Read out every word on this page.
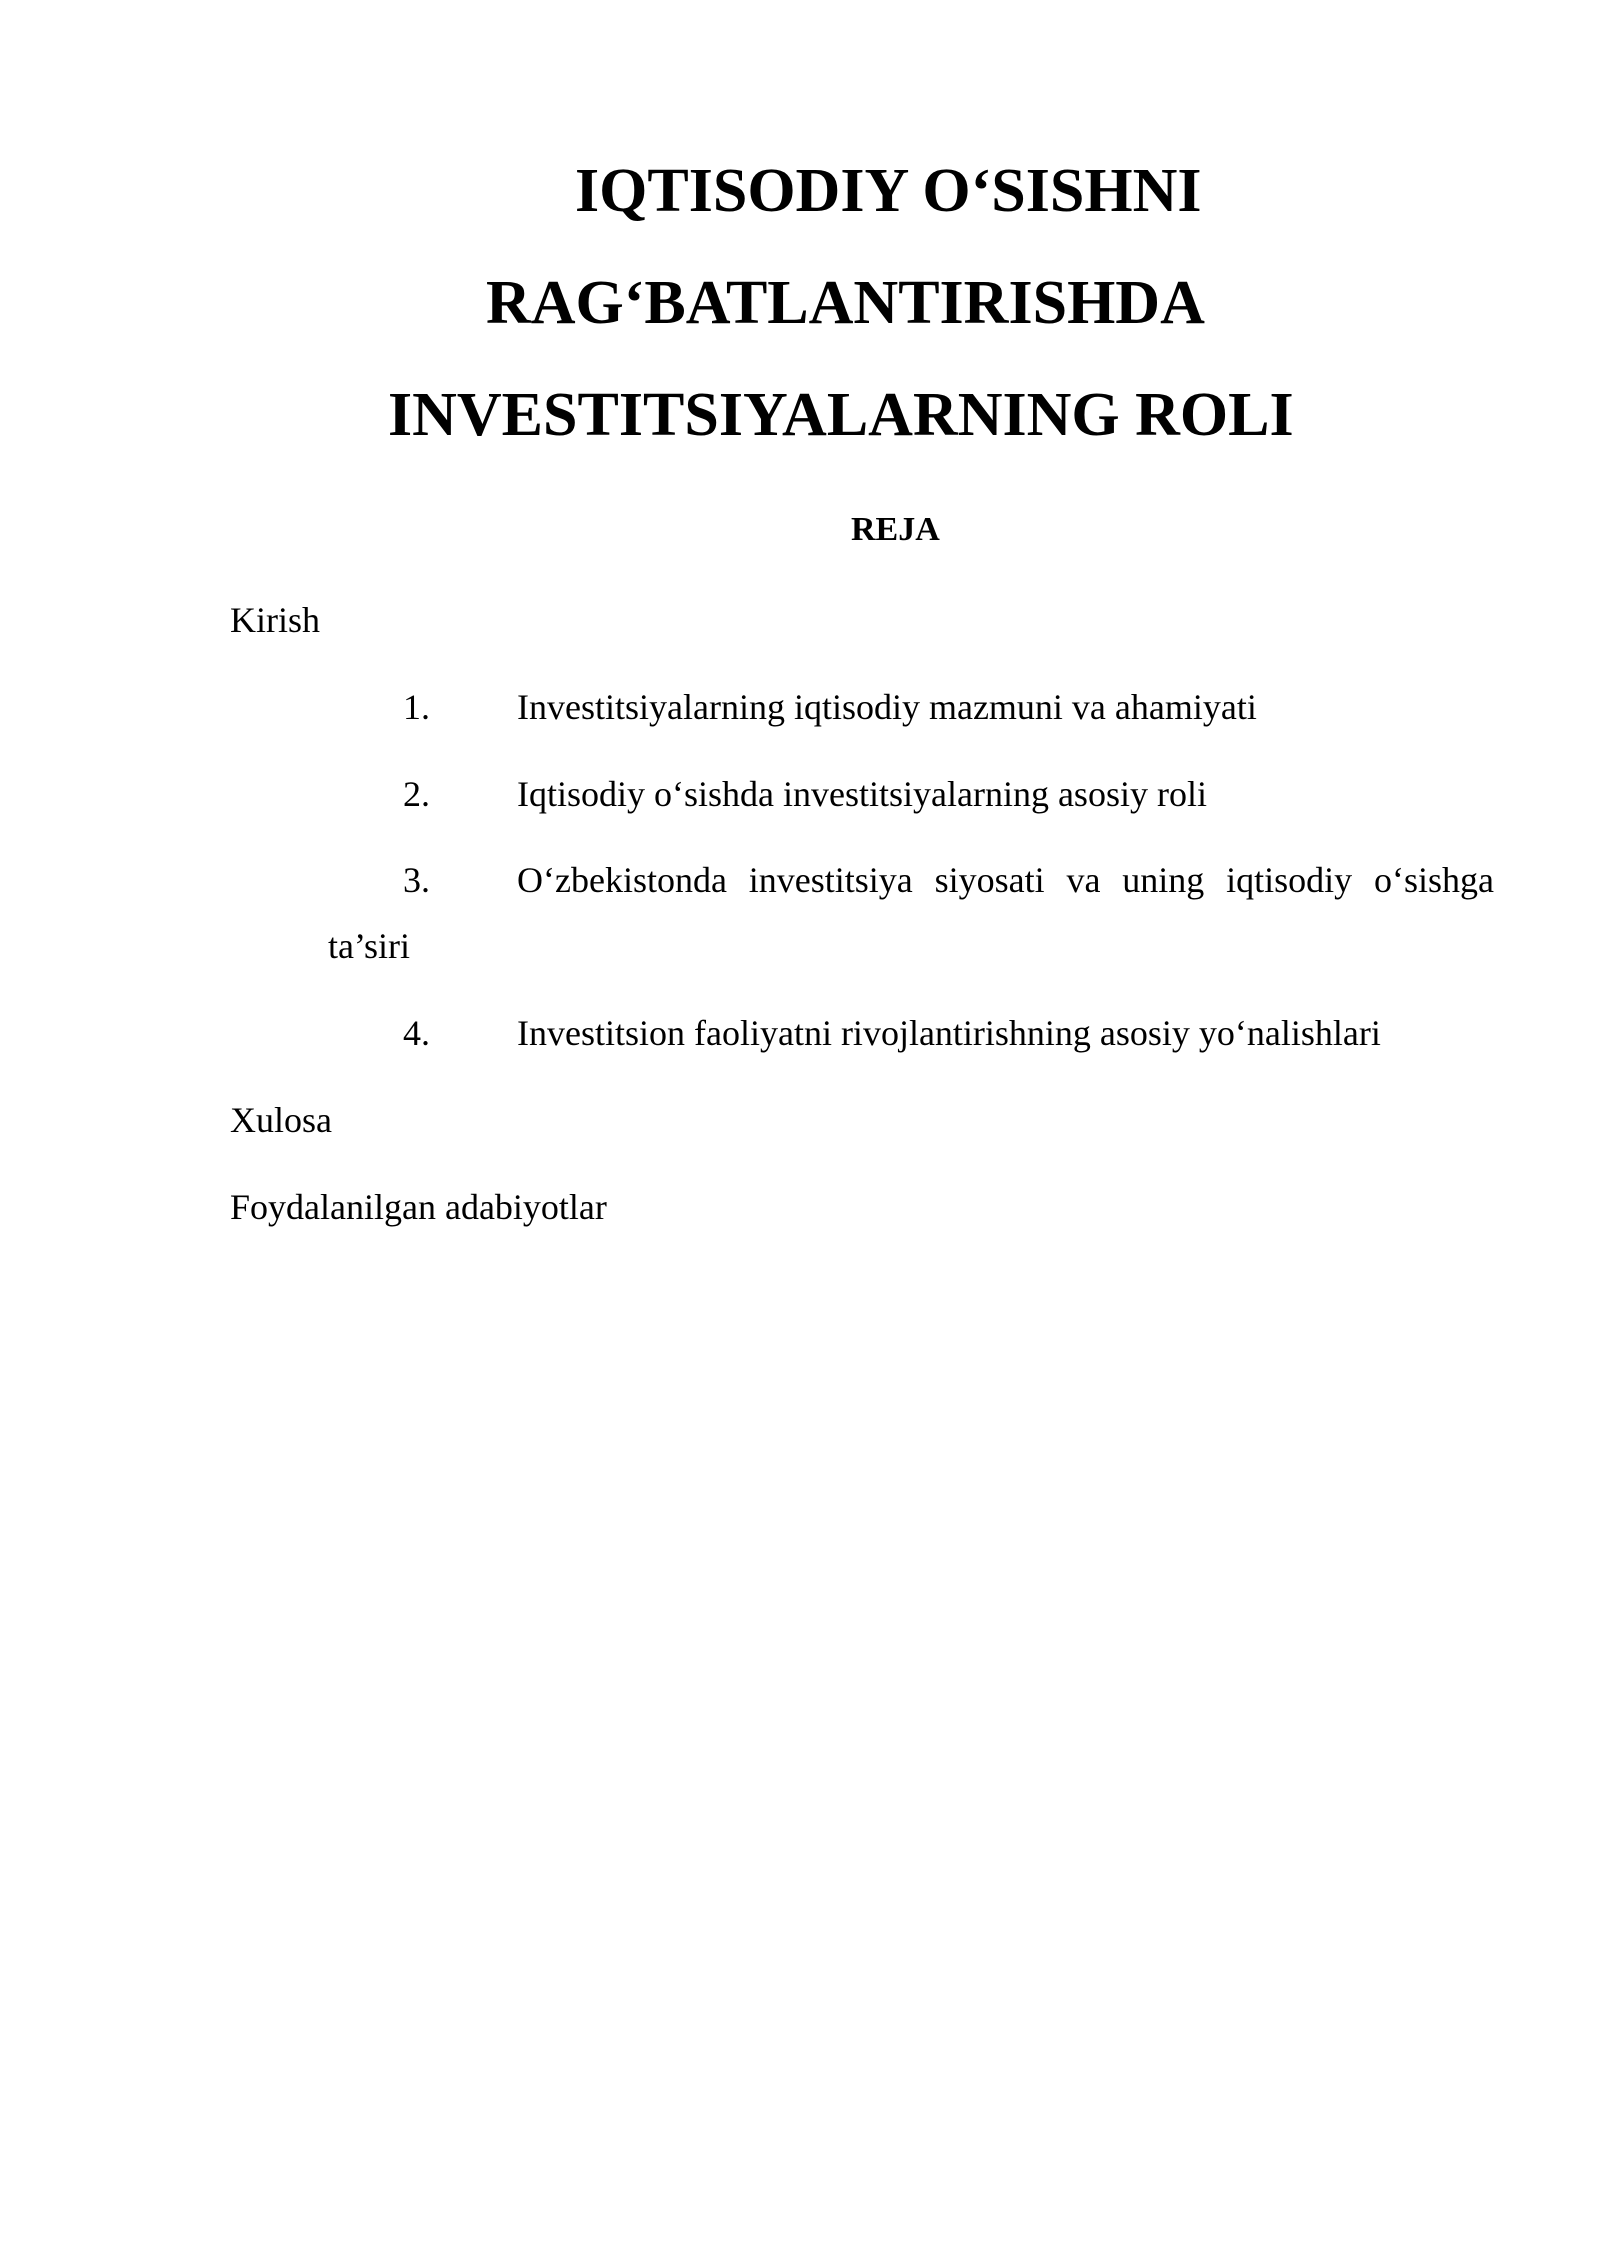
IQTISODIY O‘SISHNI
RAG‘BATLANTIRISHDA
INVESTITSIYALARNING ROLI
REJA
Kirish
1. Investitsiyalarning iqtisodiy mazmuni va ahamiyati
2. Iqtisodiy o‘sishda investitsiyalarning asosiy roli
3. O‘zbekistonda investitsiya siyosati va uning iqtisodiy o‘sishga
ta’siri
4. Investitsion faoliyatni rivojlantirishning asosiy yo‘nalishlari
Xulosa
Foydalanilgan adabiyotlar
